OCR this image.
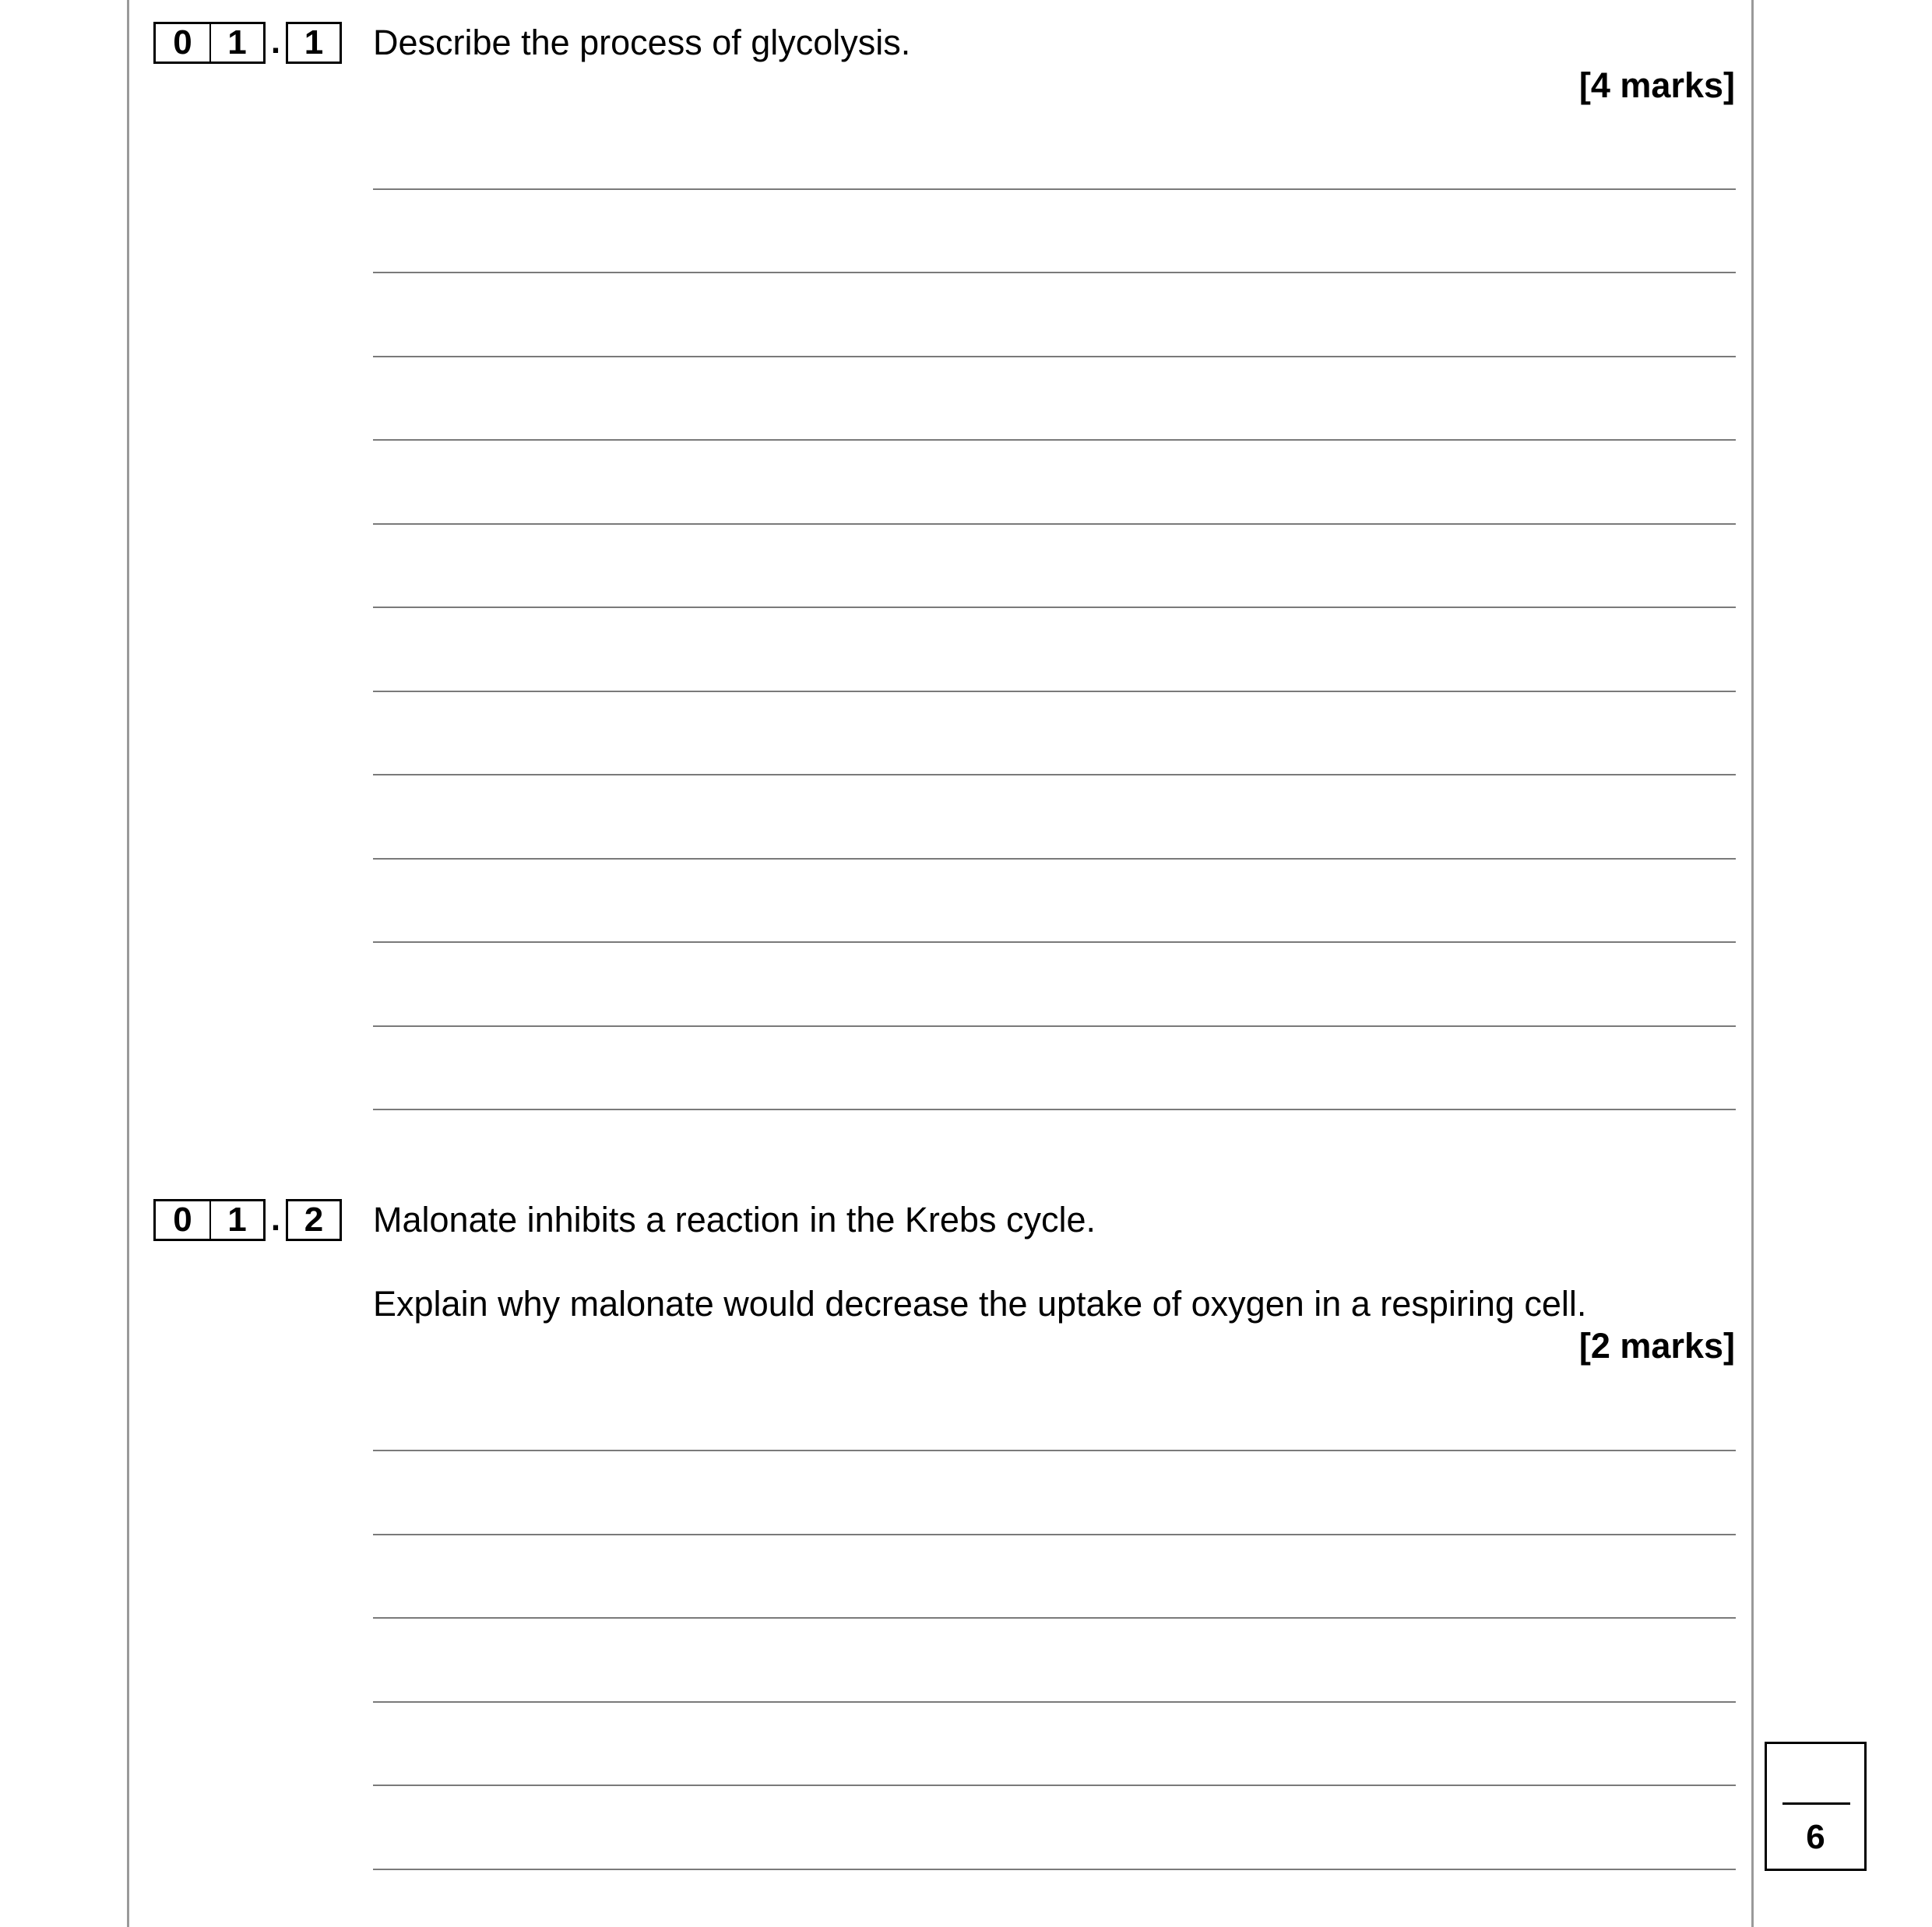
0	1 . 1	Describe the process of glycolysis.
[4 marks]
0	1 . 2	Malonate inhibits a reaction in the Krebs cycle.
Explain why malonate would decrease the uptake of oxygen in a respiring cell.
[2 marks]
6
